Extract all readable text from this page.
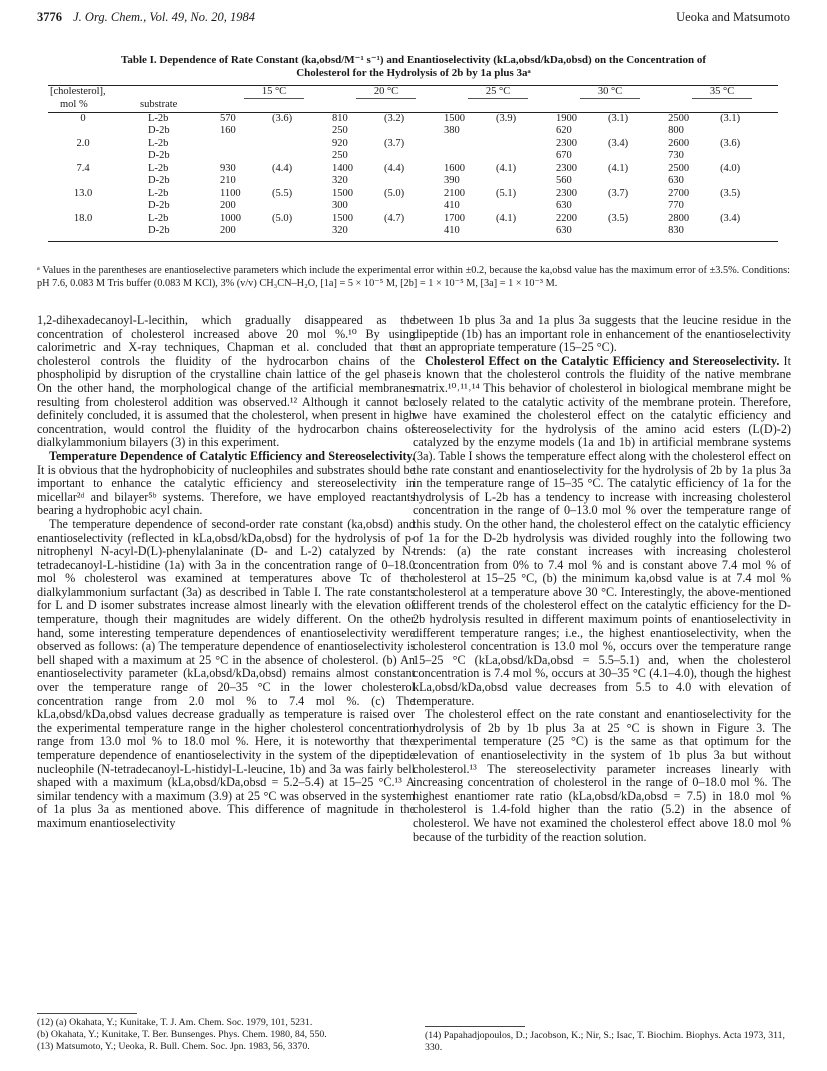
3776 J. Org. Chem., Vol. 49, No. 20, 1984	Ueoka and Matsumoto
Table I. Dependence of Rate Constant (ka,obsd/M⁻¹ s⁻¹) and Enantioselectivity (kLa,obsd/kDa,obsd) on the Concentration of
Cholesterol for the Hydrolysis of 2b by 1a plus 3aᵃ
[cholesterol],		15 °C		20 °C		25 °C		30 °C		35 °C	

mol %	substrate										
0	L-2b	570	(3.6)	810	(3.2)	1500	(3.9)	1900	(3.1)	2500	(3.1)
	D-2b	160		250		380		620		800	
2.0	L-2b			920	(3.7)			2300	(3.4)	2600	(3.6)
	D-2b			250				670		730	
7.4	L-2b	930	(4.4)	1400	(4.4)	1600	(4.1)	2300	(4.1)	2500	(4.0)
	D-2b	210		320		390		560		630	
13.0	L-2b	1100	(5.5)	1500	(5.0)	2100	(5.1)	2300	(3.7)	2700	(3.5)
	D-2b	200		300		410		630		770	
18.0	L-2b	1000	(5.0)	1500	(4.7)	1700	(4.1)	2200	(3.5)	2800	(3.4)
	D-2b	200		320		410		630		830	
ᵃ Values in the parentheses are enantioselective parameters which include the experimental error within ±0.2, because the ka,obsd value has the maximum error of ±3.5%. Conditions: pH 7.6, 0.083 M Tris buffer (0.083 M KCl), 3% (v/v) CH₃CN–H₂O, [1a] = 5 × 10⁻⁵ M, [2b] = 1 × 10⁻⁵ M, [3a] = 1 × 10⁻³ M.

1,2-dihexadecanoyl-L-lecithin, which gradually disappeared as the concentration of cholesterol increased above 20 mol %.¹⁰ By using calorimetric and X-ray techniques, Chapman et al. concluded that the cholesterol controls the fluidity of the hydrocarbon chains of the phospholipid by disruption of the crystalline chain lattice of the gel phase. On the other hand, the morphological change of the artificial membranes resulting from cholesterol addition was observed.¹² Although it cannot be definitely concluded, it is assumed that the cholesterol, when present in high concentration, would control the fluidity of the hydrocarbon chains of dialkylammonium bilayers (3) in this experiment.

Temperature Dependence of Catalytic Efficiency and Stereoselectivity. It is obvious that the hydrophobicity of nucleophiles and substrates should be important to enhance the catalytic efficiency and stereoselectivity in micellar²ᵈ and bilayer⁵ᵇ systems. Therefore, we have employed reactants bearing a hydrophobic acyl chain.

The temperature dependence of second-order rate constant (ka,obsd) and enantioselectivity (reflected in kLa,obsd/kDa,obsd) for the hydrolysis of p-nitrophenyl N-acyl-D(L)-phenylalaninate (D- and L-2) catalyzed by N-tetradecanoyl-L-histidine (1a) with 3a in the concentration range of 0–18.0 mol % cholesterol was examined at temperatures above Tc of the dialkylammonium surfactant (3a) as described in Table I. The rate constants for L and D isomer substrates increase almost linearly with the elevation of temperature, though their magnitudes are widely different. On the other hand, some interesting temperature dependences of enantioselectivity were observed as follows: (a) The temperature dependence of enantioselectivity is bell shaped with a maximum at 25 °C in the absence of cholesterol. (b) An enantioselectivity parameter (kLa,obsd/kDa,obsd) remains almost constant over the temperature range of 20–35 °C in the lower cholesterol concentration range from 2.0 mol % to 7.4 mol %. (c) The kLa,obsd/kDa,obsd values decrease gradually as temperature is raised over the experimental temperature range in the higher cholesterol concentration range from 13.0 mol % to 18.0 mol %. Here, it is noteworthy that the temperature dependence of enantioselectivity in the system of the dipeptide nucleophile (N-tetradecanoyl-L-histidyl-L-leucine, 1b) and 3a was fairly bell shaped with a maximum (kLa,obsd/kDa,obsd = 5.2–5.4) at 15–25 °C.¹³ A similar tendency with a maximum (3.9) at 25 °C was observed in the system of 1a plus 3a as mentioned above. This difference of magnitude in the maximum enantioselectivity

between 1b plus 3a and 1a plus 3a suggests that the leucine residue in the dipeptide (1b) has an important role in enhancement of the enantioselectivity at an appropriate temperature (15–25 °C).

Cholesterol Effect on the Catalytic Efficiency and Stereoselectivity. It is known that the cholesterol controls the fluidity of the native membrane matrix.¹⁰˒¹¹˒¹⁴ This behavior of cholesterol in biological membrane might be closely related to the catalytic activity of the membrane protein. Therefore, we have examined the cholesterol effect on the catalytic efficiency and stereoselectivity for the hydrolysis of the amino acid esters (L(D)-2) catalyzed by the enzyme models (1a and 1b) in artificial membrane systems (3a). Table I shows the temperature effect along with the cholesterol effect on the rate constant and enantioselectivity for the hydrolysis of 2b by 1a plus 3a in the temperature range of 15–35 °C. The catalytic efficiency of 1a for the hydrolysis of L-2b has a tendency to increase with increasing cholesterol concentration in the range of 0–13.0 mol % over the temperature range of this study. On the other hand, the cholesterol effect on the catalytic efficiency of 1a for the D-2b hydrolysis was divided roughly into the following two trends: (a) the rate constant increases with increasing cholesterol concentration from 0% to 7.4 mol % and is constant above 7.4 mol % of cholesterol at 15–25 °C, (b) the minimum ka,obsd value is at 7.4 mol % cholesterol at a temperature above 30 °C. Interestingly, the above-mentioned different trends of the cholesterol effect on the catalytic efficiency for the D-2b hydrolysis resulted in different maximum points of enantioselectivity in different temperature ranges; i.e., the highest enantioselectivity, when the cholesterol concentration is 13.0 mol %, occurs over the temperature range 15–25 °C (kLa,obsd/kDa,obsd = 5.5–5.1) and, when the cholesterol concentration is 7.4 mol %, occurs at 30–35 °C (4.1–4.0), though the highest kLa,obsd/kDa,obsd value decreases from 5.5 to 4.0 with elevation of temperature.

The cholesterol effect on the rate constant and enantioselectivity for the hydrolysis of 2b by 1b plus 3a at 25 °C is shown in Figure 3. The experimental temperature (25 °C) is the same as that optimum for the elevation of enantioselectivity in the system of 1b plus 3a but without cholesterol.¹³ The stereoselectivity parameter increases linearly with increasing concentration of cholesterol in the range of 0–18.0 mol %. The highest enantiomer rate ratio (kLa,obsd/kDa,obsd = 7.5) in 18.0 mol % cholesterol is 1.4-fold higher than the ratio (5.2) in the absence of cholesterol. We have not examined the cholesterol effect above 18.0 mol % because of the turbidity of the reaction solution.

(12) (a) Okahata, Y.; Kunitake, T. J. Am. Chem. Soc. 1979, 101, 5231.

(b) Okahata, Y.; Kunitake, T. Ber. Bunsenges. Phys. Chem. 1980, 84, 550.

(13) Matsumoto, Y.; Ueoka, R. Bull. Chem. Soc. Jpn. 1983, 56, 3370.

(14) Papahadjopoulos, D.; Jacobson, K.; Nir, S.; Isac, T. Biochim. Biophys. Acta 1973, 311, 330.
